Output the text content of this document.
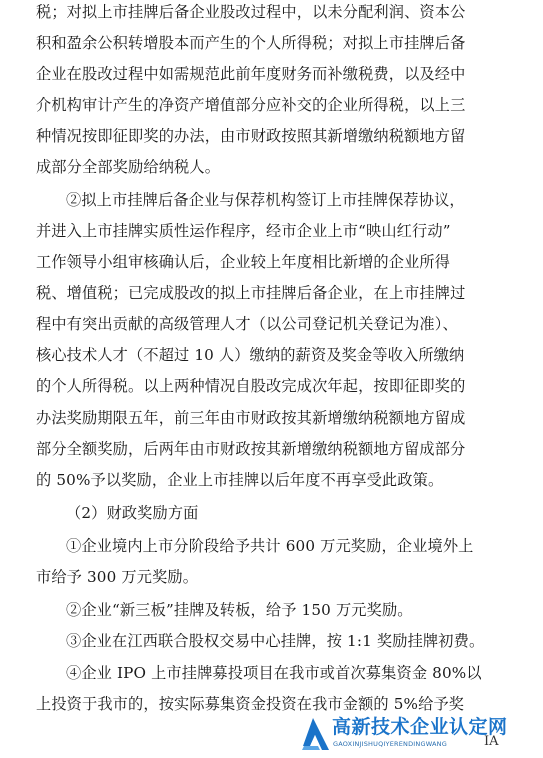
税；对拟上市挂牌后备企业股改过程中，以未分配利润、资本公
积和盈余公积转增股本而产生的个人所得税；对拟上市挂牌后备
企业在股改过程中如需规范此前年度财务而补缴税费，以及经中
介机构审计产生的净资产增值部分应补交的企业所得税，以上三
种情况按即征即奖的办法，由市财政按照其新增缴纳税额地方留
成部分全部奖励给纳税人。
②拟上市挂牌后备企业与保荐机构签订上市挂牌保荐协议，
并进入上市挂牌实质性运作程序，经市企业上市“映山红行动”
工作领导小组审核确认后，企业较上年度相比新增的企业所得
税、增值税；已完成股改的拟上市挂牌后备企业，在上市挂牌过
程中有突出贡献的高级管理人才（以公司登记机关登记为准）、
核心技术人才（不超过 10 人）缴纳的薪资及奖金等收入所缴纳
的个人所得税。以上两种情况自股改完成次年起，按即征即奖的
办法奖励期限五年，前三年由市财政按其新增缴纳税额地方留成
部分全额奖励，后两年由市财政按其新增缴纳税额地方留成部分
的 50%予以奖励，企业上市挂牌以后年度不再享受此政策。
（2）财政奖励方面
①企业境内上市分阶段给予共计 600 万元奖励，企业境外上
市给予 300 万元奖励。
②企业“新三板”挂牌及转板，给予 150 万元奖励。
③企业在江西联合股权交易中心挂牌，按 1:1 奖励挂牌初费。
④企业 IPO 上市挂牌募投项目在我市或首次募集资金 80%以
上投资于我市的，按实际募集资金投资在我市金额的 5%给予奖
高新技术企业认定网
GAOXINJISHUQIYERENDINGWANG	IA
